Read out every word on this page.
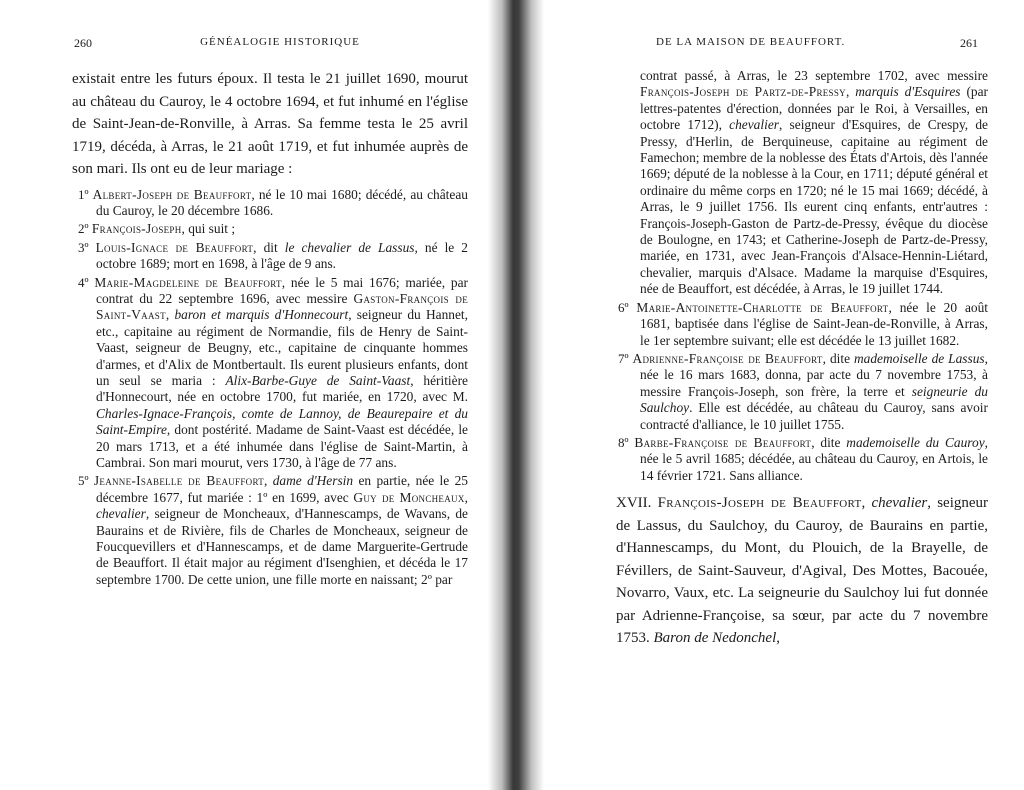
260	GÉNÉALOGIE HISTORIQUE

existait entre les futurs époux. Il testa le 21 juillet 1690, mourut au château du Cauroy, le 4 octobre 1694, et fut inhumé en l'église de Saint-Jean-de-Ronville, à Arras. Sa femme testa le 25 avril 1719, décéda, à Arras, le 21 août 1719, et fut inhumée auprès de son mari. Ils ont eu de leur mariage :

1º Albert-Joseph de Beauffort, né le 10 mai 1680; décédé, au château du Cauroy, le 20 décembre 1686.

2º François-Joseph, qui suit ;

3º Louis-Ignace de Beauffort, dit le chevalier de Lassus, né le 2 octobre 1689; mort en 1698, à l'âge de 9 ans.

4º Marie-Magdeleine de Beauffort, née le 5 mai 1676; mariée, par contrat du 22 septembre 1696, avec messire Gaston-François de Saint-Vaast, baron et marquis d'Honnecourt, seigneur du Hannet, etc., capitaine au régiment de Normandie, fils de Henry de Saint-Vaast, seigneur de Beugny, etc., capitaine de cinquante hommes d'armes, et d'Alix de Montbertault. Ils eurent plusieurs enfants, dont un seul se maria : Alix-Barbe-Guye de Saint-Vaast, héritière d'Honnecourt, née en octobre 1700, fut mariée, en 1720, avec M. Charles-Ignace-François, comte de Lannoy, de Beaurepaire et du Saint-Empire, dont postérité. Madame de Saint-Vaast est décédée, le 20 mars 1713, et a été inhumée dans l'église de Saint-Martin, à Cambrai. Son mari mourut, vers 1730, à l'âge de 77 ans.

5º Jeanne-Isabelle de Beauffort, dame d'Hersin en partie, née le 25 décembre 1677, fut mariée : 1º en 1699, avec Guy de Moncheaux, chevalier, seigneur de Moncheaux, d'Hannescamps, de Wavans, de Baurains et de Rivière, fils de Charles de Moncheaux, seigneur de Foucquevillers et d'Hannescamps, et de dame Marguerite-Gertrude de Beauffort. Il était major au régiment d'Isenghien, et décéda le 17 septembre 1700. De cette union, une fille morte en naissant; 2º par

DE LA MAISON DE BEAUFFORT.	261

contrat passé, à Arras, le 23 septembre 1702, avec messire François-Joseph de Partz-de-Pressy, marquis d'Esquires (par lettres-patentes d'érection, données par le Roi, à Versailles, en octobre 1712), chevalier, seigneur d'Esquires, de Crespy, de Pressy, d'Herlin, de Berquineuse, capitaine au régiment de Famechon; membre de la noblesse des États d'Artois, dès l'année 1669; député de la noblesse à la Cour, en 1711; député général et ordinaire du même corps en 1720; né le 15 mai 1669; décédé, à Arras, le 9 juillet 1756. Ils eurent cinq enfants, entr'autres : François-Joseph-Gaston de Partz-de-Pressy, évêque du diocèse de Boulogne, en 1743; et Catherine-Joseph de Partz-de-Pressy, mariée, en 1731, avec Jean-François d'Alsace-Hennin-Liétard, chevalier, marquis d'Alsace. Madame la marquise d'Esquires, née de Beauffort, est décédée, à Arras, le 19 juillet 1744.

6º Marie-Antoinette-Charlotte de Beauffort, née le 20 août 1681, baptisée dans l'église de Saint-Jean-de-Ronville, à Arras, le 1er septembre suivant; elle est décédée le 13 juillet 1682.

7º Adrienne-Françoise de Beauffort, dite mademoiselle de Lassus, née le 16 mars 1683, donna, par acte du 7 novembre 1753, à messire François-Joseph, son frère, la terre et seigneurie du Saulchoy. Elle est décédée, au château du Cauroy, sans avoir contracté d'alliance, le 10 juillet 1755.

8º Barbe-Françoise de Beauffort, dite mademoiselle du Cauroy, née le 5 avril 1685; décédée, au château du Cauroy, en Artois, le 14 février 1721. Sans alliance.

XVII. François-Joseph de Beauffort, chevalier, seigneur de Lassus, du Saulchoy, du Cauroy, de Baurains en partie, d'Hannescamps, du Mont, du Plouich, de la Brayelle, de Févillers, de Saint-Sauveur, d'Agival, Des Mottes, Bacouée, Novarro, Vaux, etc. La seigneurie du Saulchoy lui fut donnée par Adrienne-Françoise, sa sœur, par acte du 7 novembre 1753. Baron de Nedonchel,
